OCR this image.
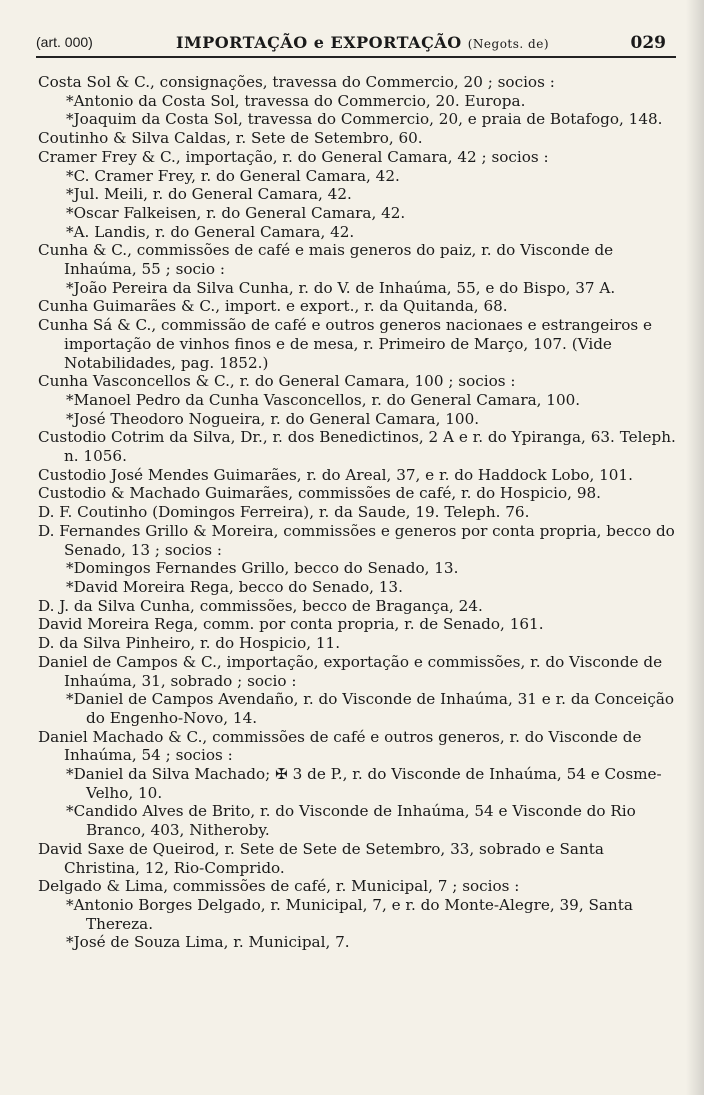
(art. 000)	IMPORTAÇÃO e EXPORTAÇÃO (Negots. de)	029

Costa Sol & C., consignações, travessa do Commercio, 20 ; socios :

*Antonio da Costa Sol, travessa do Commercio, 20. Europa.

*Joaquim da Costa Sol, travessa do Commercio, 20, e praia de Botafogo, 148.

Coutinho & Silva Caldas, r. Sete de Setembro, 60.

Cramer Frey & C., importação, r. do General Camara, 42 ; socios :

*C. Cramer Frey, r. do General Camara, 42.

*Jul. Meili, r. do General Camara, 42.

*Oscar Falkeisen, r. do General Camara, 42.

*A. Landis, r. do General Camara, 42.

Cunha & C., commissões de café e mais generos do paiz, r. do Visconde de Inhaúma, 55 ; socio :

*João Pereira da Silva Cunha, r. do V. de Inhaúma, 55, e do Bispo, 37 A.

Cunha Guimarães & C., import. e export., r. da Quitanda, 68.

Cunha Sá & C., commissão de café e outros generos nacionaes e estrangeiros e importação de vinhos finos e de mesa, r. Primeiro de Março, 107. (Vide Notabilidades, pag. 1852.)

Cunha Vasconcellos & C., r. do General Camara, 100 ; socios :

*Manoel Pedro da Cunha Vasconcellos, r. do General Camara, 100.

*José Theodoro Nogueira, r. do General Camara, 100.

Custodio Cotrim da Silva, Dr., r. dos Benedictinos, 2 A e r. do Ypiranga, 63. Teleph. n. 1056.

Custodio José Mendes Guimarães, r. do Areal, 37, e r. do Haddock Lobo, 101.

Custodio & Machado Guimarães, commissões de café, r. do Hospicio, 98.

D. F. Coutinho (Domingos Ferreira), r. da Saude, 19. Teleph. 76.

D. Fernandes Grillo & Moreira, commissões e generos por conta propria, becco do Senado, 13 ; socios :

*Domingos Fernandes Grillo, becco do Senado, 13.

*David Moreira Rega, becco do Senado, 13.

D. J. da Silva Cunha, commissões, becco de Bragança, 24.

David Moreira Rega, comm. por conta propria, r. de Senado, 161.

D. da Silva Pinheiro, r. do Hospicio, 11.

Daniel de Campos & C., importação, exportação e commissões, r. do Visconde de Inhaúma, 31, sobrado ; socio :

*Daniel de Campos Avendaño, r. do Visconde de Inhaúma, 31 e r. da Conceição do Engenho-Novo, 14.

Daniel Machado & C., commissões de café e outros generos, r. do Visconde de Inhaúma, 54 ; socios :

*Daniel da Silva Machado; ✠ 3 de P., r. do Visconde de Inhaúma, 54 e Cosme-Velho, 10.

*Candido Alves de Brito, r. do Visconde de Inhaúma, 54 e Visconde do Rio Branco, 403, Nitheroby.

David Saxe de Queirod, r. Sete de Sete de Setembro, 33, sobrado e Santa Christina, 12, Rio-Comprido.

Delgado & Lima, commissões de café, r. Municipal, 7 ; socios :

*Antonio Borges Delgado, r. Municipal, 7, e r. do Monte-Alegre, 39, Santa Thereza.

*José de Souza Lima, r. Municipal, 7.
